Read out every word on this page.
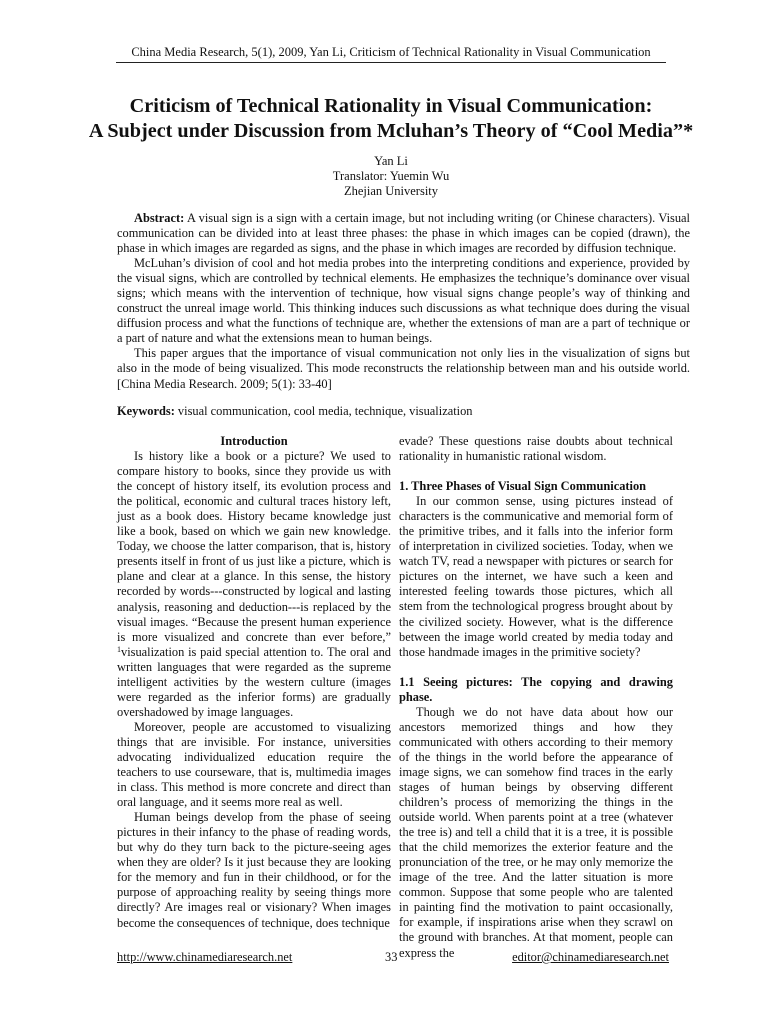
China Media Research, 5(1), 2009, Yan Li, Criticism of Technical Rationality in Visual Communication
Criticism of Technical Rationality in Visual Communication:
A Subject under Discussion from Mcluhan’s Theory of “Cool Media”*
Yan Li
Translator: Yuemin Wu
Zhejian University

Abstract: A visual sign is a sign with a certain image, but not including writing (or Chinese characters). Visual communication can be divided into at least three phases: the phase in which images can be copied (drawn), the phase in which images are regarded as signs, and the phase in which images are recorded by diffusion technique.

McLuhan’s division of cool and hot media probes into the interpreting conditions and experience, provided by the visual signs, which are controlled by technical elements. He emphasizes the technique’s dominance over visual signs; which means with the intervention of technique, how visual signs change people’s way of thinking and construct the unreal image world. This thinking induces such discussions as what technique does during the visual diffusion process and what the functions of technique are, whether the extensions of man are a part of technique or a part of nature and what the extensions mean to human beings.

This paper argues that the importance of visual communication not only lies in the visualization of signs but also in the mode of being visualized. This mode reconstructs the relationship between man and his outside world. [China Media Research. 2009; 5(1): 33-40]

Keywords: visual communication, cool media, technique, visualization
Introduction

Is history like a book or a picture? We used to compare history to books, since they provide us with the concept of history itself, its evolution process and the political, economic and cultural traces history left, just as a book does. History became knowledge just like a book, based on which we gain new knowledge. Today, we choose the latter comparison, that is, history presents itself in front of us just like a picture, which is plane and clear at a glance. In this sense, the history recorded by words---constructed by logical and lasting analysis, reasoning and deduction---is replaced by the visual images. “Because the present human experience is more visualized and concrete than ever before,” $^1$visualization is paid special attention to. The oral and written languages that were regarded as the supreme intelligent activities by the western culture (images were regarded as the inferior forms) are gradually overshadowed by image languages.

Moreover, people are accustomed to visualizing things that are invisible. For instance, universities advocating individualized education require the teachers to use courseware, that is, multimedia images in class. This method is more concrete and direct than oral language, and it seems more real as well.

Human beings develop from the phase of seeing pictures in their infancy to the phase of reading words, but why do they turn back to the picture-seeing ages when they are older? Is it just because they are looking for the memory and fun in their childhood, or for the purpose of approaching reality by seeing things more directly? Are images real or visionary? When images become the consequences of technique, does technique

evade? These questions raise doubts about technical rationality in humanistic rational wisdom.

1. Three Phases of Visual Sign Communication

In our common sense, using pictures instead of characters is the communicative and memorial form of the primitive tribes, and it falls into the inferior form of interpretation in civilized societies. Today, when we watch TV, read a newspaper with pictures or search for pictures on the internet, we have such a keen and interested feeling towards those pictures, which all stem from the technological progress brought about by the civilized society. However, what is the difference between the image world created by media today and those handmade images in the primitive society?

1.1 Seeing pictures: The copying and drawing phase.

Though we do not have data about how our ancestors memorized things and how they communicated with others according to their memory of the things in the world before the appearance of image signs, we can somehow find traces in the early stages of human beings by observing different children’s process of memorizing the things in the outside world. When parents point at a tree (whatever the tree is) and tell a child that it is a tree, it is possible that the child memorizes the exterior feature and the pronunciation of the tree, or he may only memorize the image of the tree. And the latter situation is more common. Suppose that some people who are talented in painting find the motivation to paint occasionally, for example, if inspirations arise when they scrawl on the ground with branches. At that moment, people can express the

http://www.chinamediaresearch.net	33	editor@chinamediaresearch.net
